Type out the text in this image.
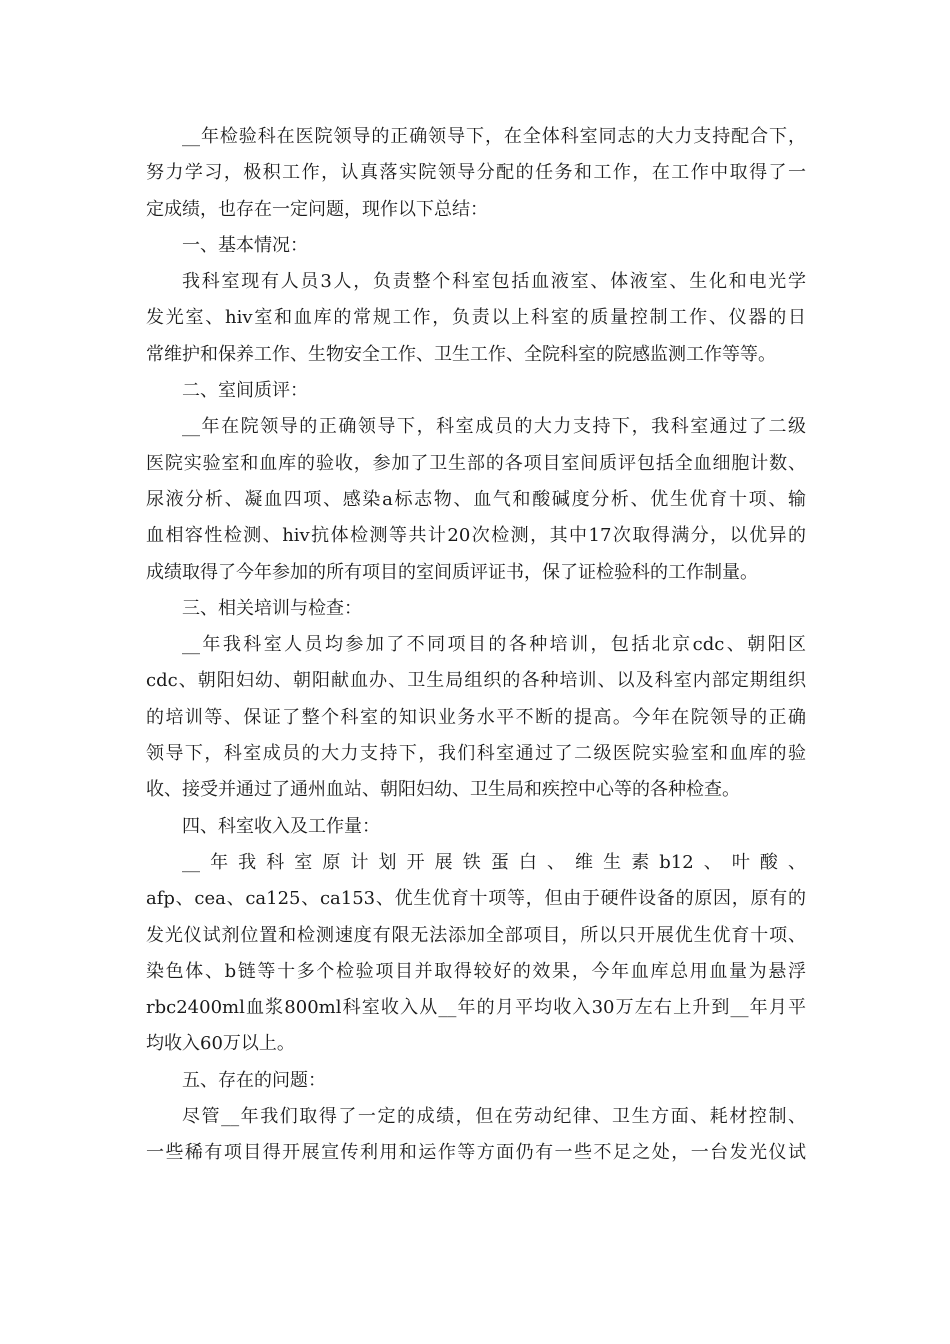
__年检验科在医院领导的正确领导下，在全体科室同志的大力支持配合下，
努力学习，极积工作，认真落实院领导分配的任务和工作，在工作中取得了一
定成绩，也存在一定问题，现作以下总结：
一、基本情况：
我科室现有人员3人，负责整个科室包括血液室、体液室、生化和电光学
发光室、hiv室和血库的常规工作，负责以上科室的质量控制工作、仪器的日
常维护和保养工作、生物安全工作、卫生工作、全院科室的院感监测工作等等。
二、室间质评：
__年在院领导的正确领导下，科室成员的大力支持下，我科室通过了二级
医院实验室和血库的验收，参加了卫生部的各项目室间质评包括全血细胞计数、
尿液分析、凝血四项、感染a标志物、血气和酸碱度分析、优生优育十项、输
血相容性检测、hiv抗体检测等共计20次检测，其中17次取得满分，以优异的
成绩取得了今年参加的所有项目的室间质评证书，保了证检验科的工作制量。
三、相关培训与检查：
__年我科室人员均参加了不同项目的各种培训，包括北京cdc、朝阳区
cdc、朝阳妇幼、朝阳献血办、卫生局组织的各种培训、以及科室内部定期组织
的培训等、保证了整个科室的知识业务水平不断的提高。今年在院领导的正确
领导下，科室成员的大力支持下，我们科室通过了二级医院实验室和血库的验
收、接受并通过了通州血站、朝阳妇幼、卫生局和疾控中心等的各种检查。
四、科室收入及工作量：
__年我科室原计划开展铁蛋白、维生素b12、叶酸、
afp、cea、ca125、ca153、优生优育十项等，但由于硬件设备的原因，原有的
发光仪试剂位置和检测速度有限无法添加全部项目，所以只开展优生优育十项、
染色体、b链等十多个检验项目并取得较好的效果，今年血库总用血量为悬浮
rbc2400ml血浆800ml科室收入从__年的月平均收入30万左右上升到__年月平
均收入60万以上。
五、存在的问题：
尽管__年我们取得了一定的成绩，但在劳动纪律、卫生方面、耗材控制、
一些稀有项目得开展宣传利用和运作等方面仍有一些不足之处，一台发光仪试
